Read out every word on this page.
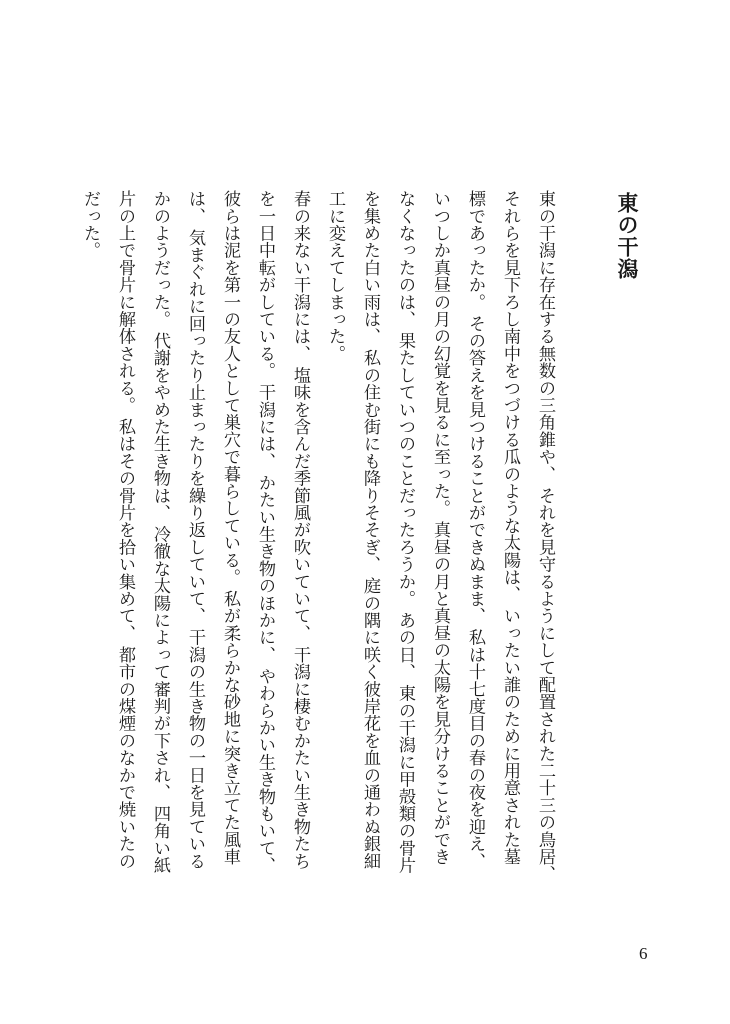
東の干潟
東の干潟に存在する無数の三角錐や、 それを見守るようにして配置された二十三の鳥居、
それらを見下ろし南中をつづける瓜のような太陽は、 いったい誰のために用意された墓
標であったか。 その答えを見つけることができぬまま、 私は十七度目の春の夜を迎え、
いつしか真昼の月の幻覚を見るに至った。 真昼の月と真昼の太陽を見分けることができ
なくなったのは、 果たしていつのことだったろうか。 あの日、 東の干潟に甲殻類の骨片
を集めた白い雨は、 私の住む街にも降りそそぎ、 庭の隅に咲く彼岸花を血の通わぬ銀細
工に変えてしまった。
春の来ない干潟には、 塩味を含んだ季節風が吹いていて、 干潟に棲むかたい生き物たち
を一日中転がしている。 干潟には、 かたい生き物のほかに、 やわらかい生き物もいて、
彼らは泥を第一の友人として巣穴で暮らしている。 私が柔らかな砂地に突き立てた風車
は、 気まぐれに回ったり止まったりを繰り返していて、 干潟の生き物の一日を見ている
かのようだった。 代謝をやめた生き物は、 冷徹な太陽によって審判が下され、 四角い紙
片の上で骨片に解体される。 私はその骨片を拾い集めて、 都市の煤煙のなかで焼いたの
だった。
6
